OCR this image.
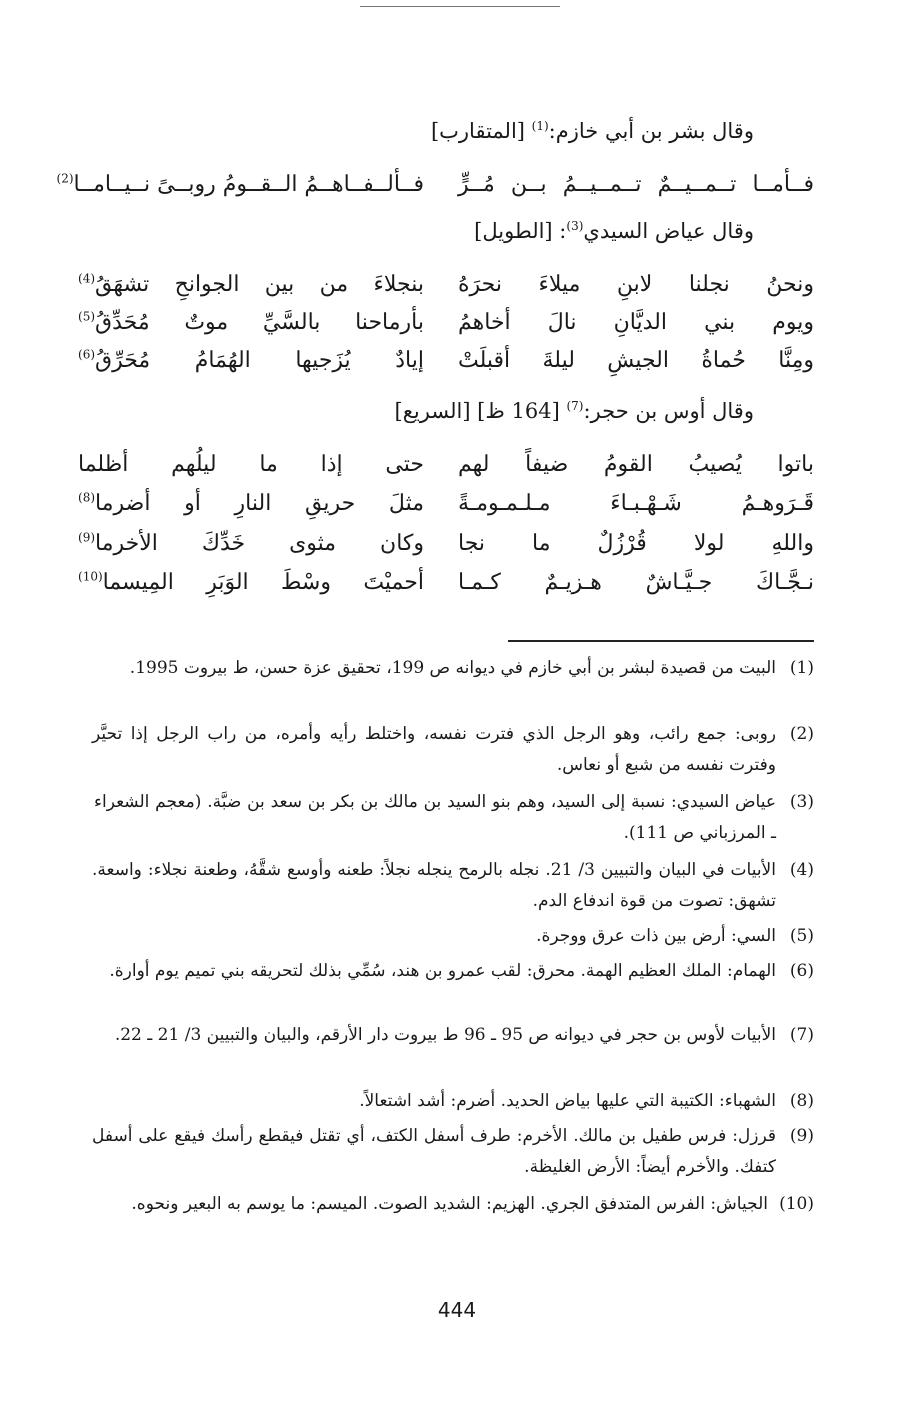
وقال بشر بن أبي خازم:$^{(1)}$ [المتقارب]
فــأمــا تــمــيــمٌ تــمــيــمُ بــن مُــرٍّ
فــألــفــاهــمُ الــقــومُ روبــىً نــيــامــا$^{(2)}$
وقال عياض السيدي$^{(3)}$: [الطويل]
ونحنُ نجلنا لابنِ ميلاءَ نحرَهُ
بنجلاءَ من بين الجوانحِ تشهَقُ$^{(4)}$
ويوم بني الديَّانِ نالَ أخاهمُ
بأرماحنا بالسَّيِّ موتٌ مُحَدِّقُ$^{(5)}$
ومِنَّا حُماةُ الجيشِ ليلةَ أقبلَتْ
إيادٌ يُزَجيها الهُمَامُ مُحَرِّقُ$^{(6)}$
وقال أوس بن حجر:$^{(7)}$ [164 ظ] [السريع]
باتوا يُصيبُ القومُ ضيفاً لهم
حتى إذا ما ليلُهم أظلما
قَـرَوهـمُ شَـهْـبـاءَ مـلـمـومـةً
مثلَ حريقِ النارِ أو أضرما$^{(8)}$
واللهِ لولا قُرْزُلٌ ما نجا
وكان مثوى خَدِّكَ الأخرما$^{(9)}$
نـجَّـاكَ جـيَّـاشٌ هـزيـمٌ كـمـا
أحميْتَ وسْطَ الوَبَرِ المِيسما$^{(10)}$
(1)
البيت من قصيدة لبشر بن أبي خازم في ديوانه ص 199، تحقيق عزة حسن، ط بيروت 1995.
(2)
روبى: جمع رائب، وهو الرجل الذي فترت نفسه، واختلط رأيه وأمره، من راب الرجل إذا تحيَّر وفترت نفسه من شبع أو نعاس.
(3)
عياض السيدي: نسبة إلى السيد، وهم بنو السيد بن مالك بن بكر بن سعد بن ضبَّة. (معجم الشعراء ـ المرزباني ص 111).
(4)
الأبيات في البيان والتبيين 3/ 21. نجله بالرمح ينجله نجلاً: طعنه وأوسع شقَّهُ، وطعنة نجلاء: واسعة. تشهق: تصوت من قوة اندفاع الدم.
(5)
السي: أرض بين ذات عرق ووجرة.
(6)
الهمام: الملك العظيم الهمة. محرق: لقب عمرو بن هند، سُمِّي بذلك لتحريقه بني تميم يوم أوارة.
(7)
الأبيات لأوس بن حجر في ديوانه ص 95 ـ 96 ط بيروت دار الأرقم، والبيان والتبيين 3/ 21 ـ 22.
(8)
الشهباء: الكتيبة التي عليها بياض الحديد. أضرم: أشد اشتعالاً.
(9)
قرزل: فرس طفيل بن مالك. الأخرم: طرف أسفل الكتف، أي تقتل فيقطع رأسك فيقع على أسفل كتفك. والأخرم أيضاً: الأرض الغليظة.
(10)
الجياش: الفرس المتدفق الجري. الهزيم: الشديد الصوت. الميسم: ما يوسم به البعير ونحوه.
444
